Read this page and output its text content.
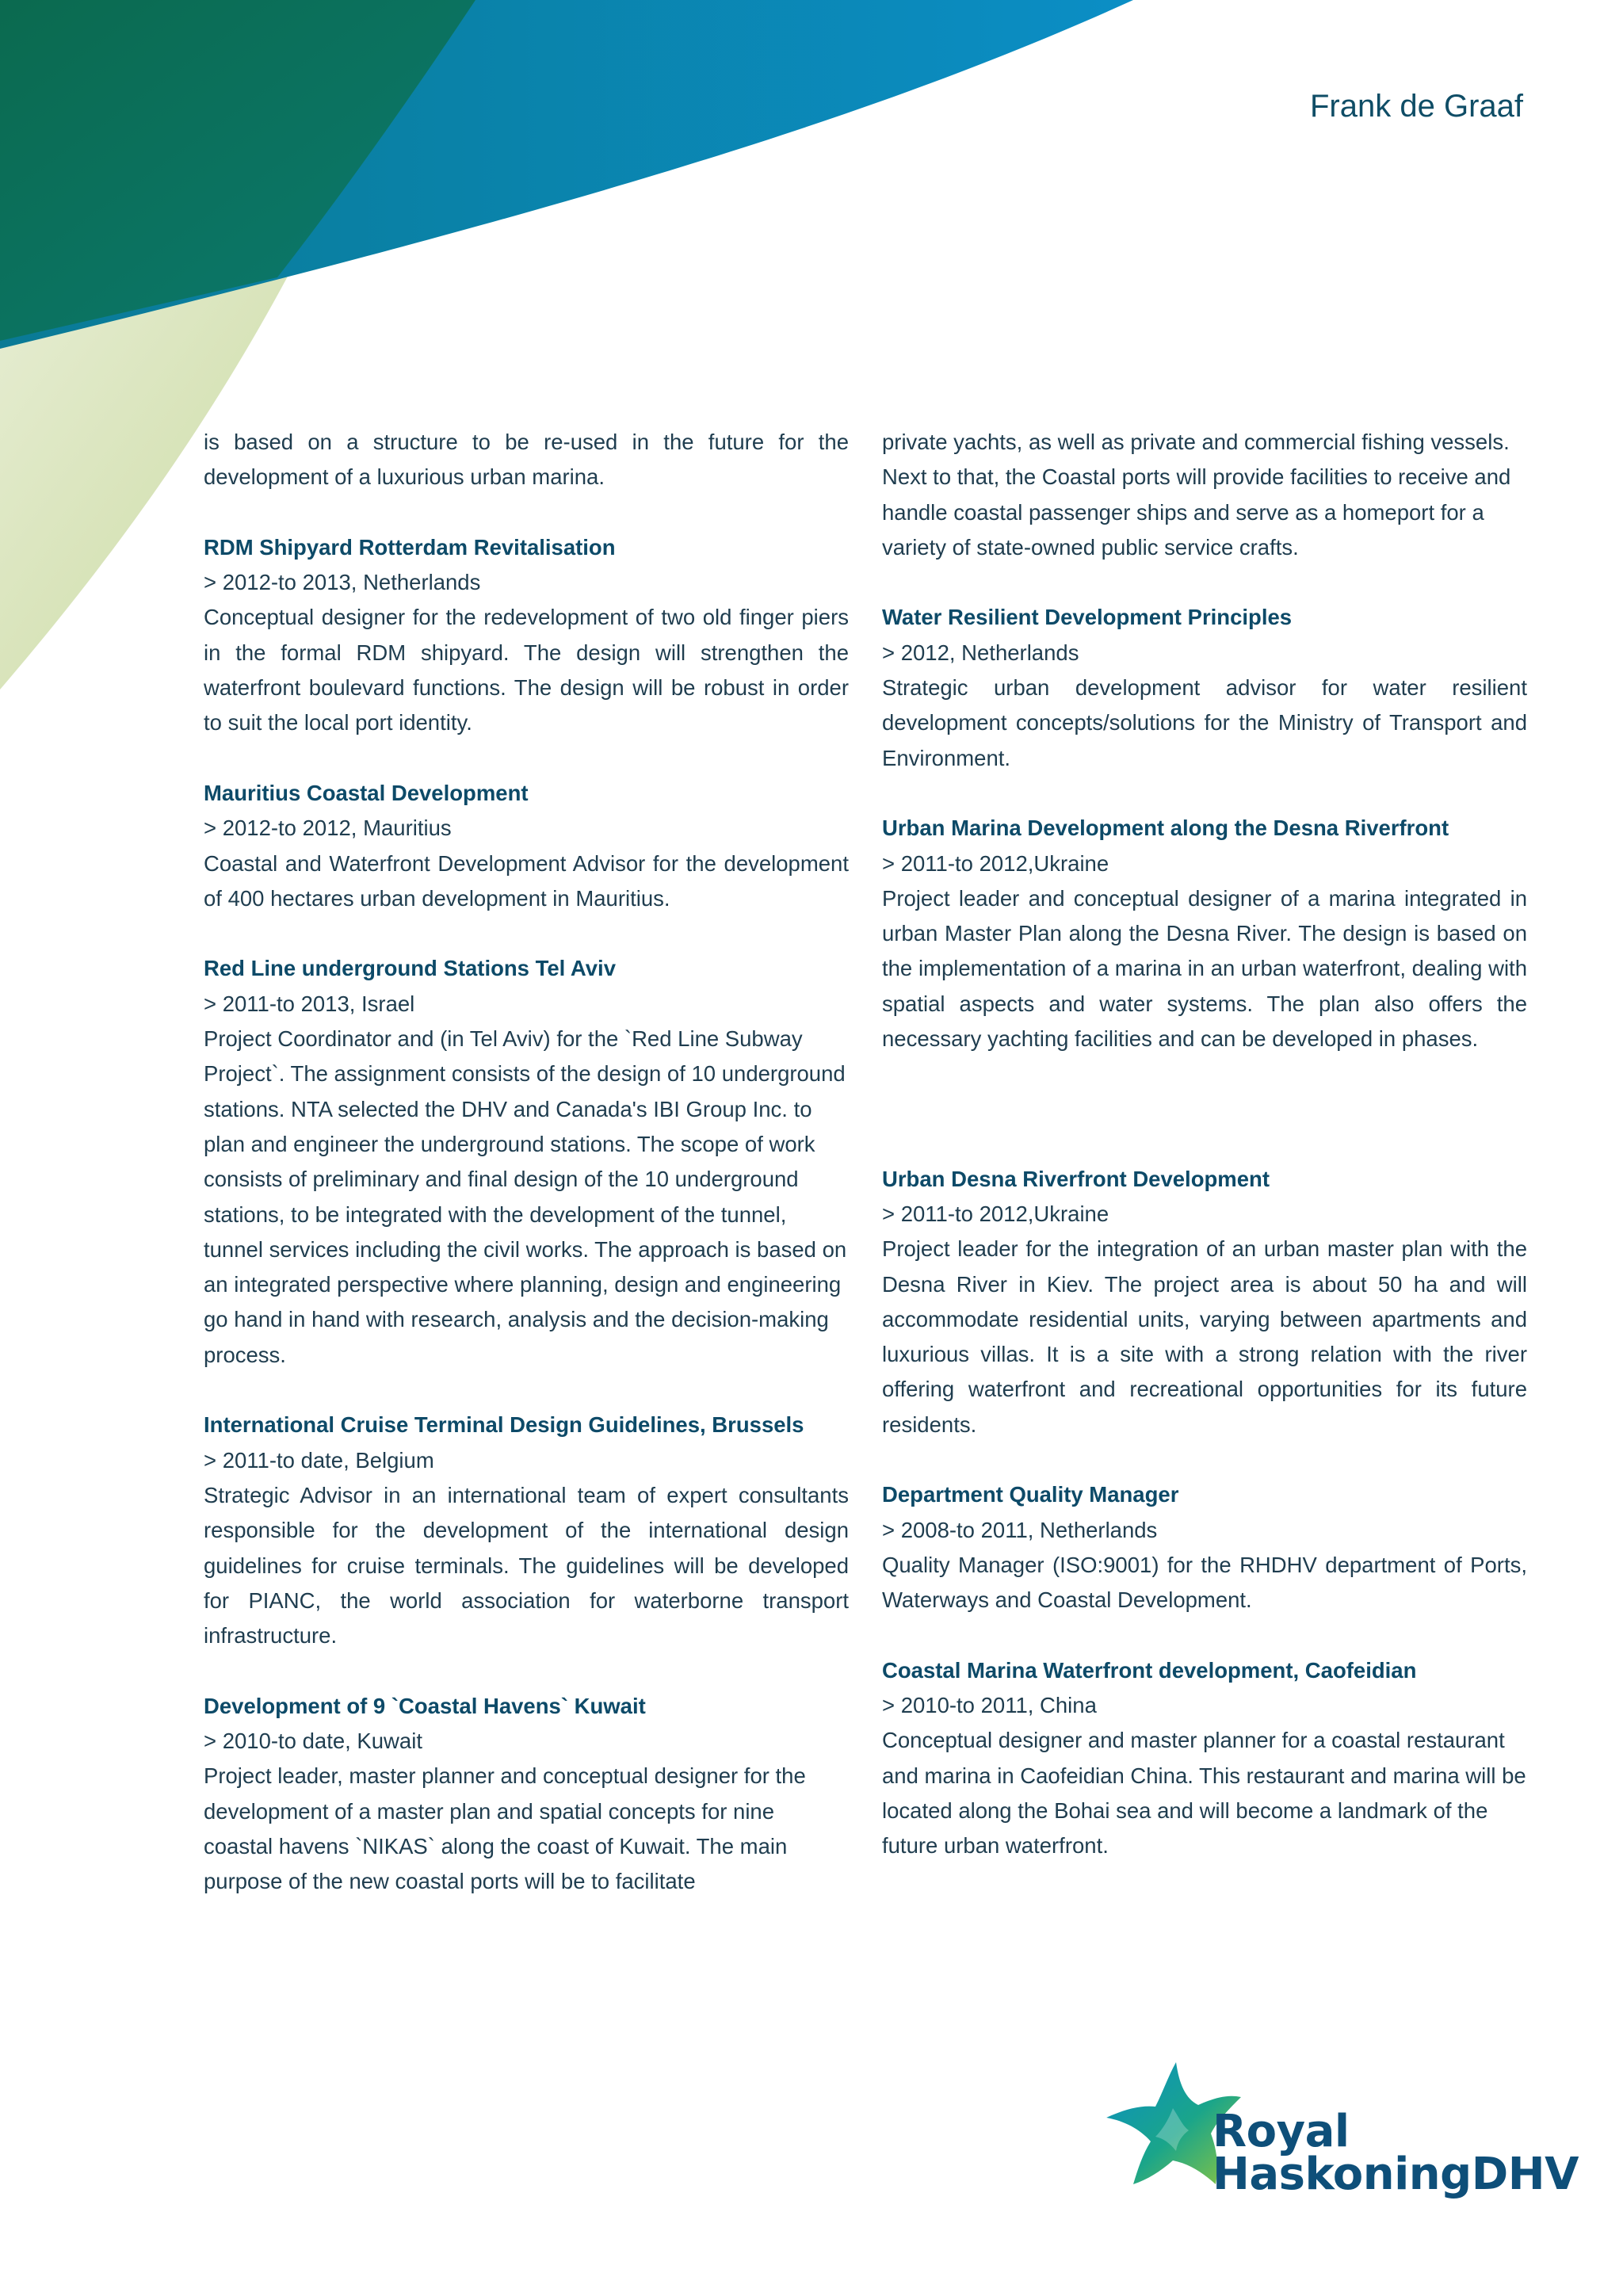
Frank de Graaf

is based on a structure to be re-used in the future for the development of a luxurious urban marina.

RDM Shipyard Rotterdam Revitalisation

> 2012-to 2013, Netherlands

Conceptual designer for the redevelopment of two old finger piers in the formal RDM shipyard. The design will strengthen the waterfront boulevard functions. The design will be robust in order to suit the local port identity.

Mauritius Coastal Development

> 2012-to 2012, Mauritius

Coastal and Waterfront Development Advisor for the development of 400 hectares urban development in Mauritius.

Red Line underground Stations Tel Aviv

> 2011-to 2013, Israel

Project Coordinator and (in Tel Aviv) for the `Red Line Subway Project`. The assignment consists of the design of 10 underground stations. NTA selected the DHV and Canada's IBI Group Inc. to plan and engineer the underground stations. The scope of work consists of preliminary and final design of the 10 underground stations, to be integrated with the development of the tunnel, tunnel services including the civil works. The approach is based on an integrated perspective where planning, design and engineering go hand in hand with research, analysis and the decision-making process.

International Cruise Terminal Design Guidelines, Brussels

> 2011-to date, Belgium

Strategic Advisor in an international team of expert consultants responsible for the development of the international design guidelines for cruise terminals. The guidelines will be developed for PIANC, the world association for waterborne transport infrastructure.

Development of 9 `Coastal Havens` Kuwait

> 2010-to date, Kuwait

Project leader, master planner and conceptual designer for the development of a master plan and spatial concepts for nine coastal havens `NIKAS` along the coast of Kuwait. The main purpose of the new coastal ports will be to facilitate

private yachts, as well as private and commercial fishing vessels. Next to that, the Coastal ports will provide facilities to receive and handle coastal passenger ships and serve as a homeport for a variety of state-owned public service crafts.

Water Resilient Development Principles

> 2012, Netherlands

Strategic urban development advisor for water resilient development concepts/solutions for the Ministry of Transport and Environment.

Urban Marina Development along the Desna Riverfront

> 2011-to 2012,Ukraine

Project leader and conceptual designer of a marina integrated in urban Master Plan along the Desna River. The design is based on the implementation of a marina in an urban waterfront, dealing with spatial aspects and water systems. The plan also offers the necessary yachting facilities and can be developed in phases.

Urban Desna Riverfront Development

> 2011-to 2012,Ukraine

Project leader for the integration of an urban master plan with the Desna River in Kiev. The project area is about 50 ha and will accommodate residential units, varying between apartments and luxurious villas. It is a site with a strong relation with the river offering waterfront and recreational opportunities for its future residents.

Department Quality Manager

> 2008-to 2011, Netherlands

Quality Manager (ISO:9001) for the RHDHV department of Ports, Waterways and Coastal Development.

Coastal Marina Waterfront development, Caofeidian

> 2010-to 2011, China

Conceptual designer and master planner for a coastal restaurant and marina in Caofeidian China. This restaurant and marina will be located along the Bohai sea and will become a landmark of the future urban waterfront.

Royal
HaskoningDHV
